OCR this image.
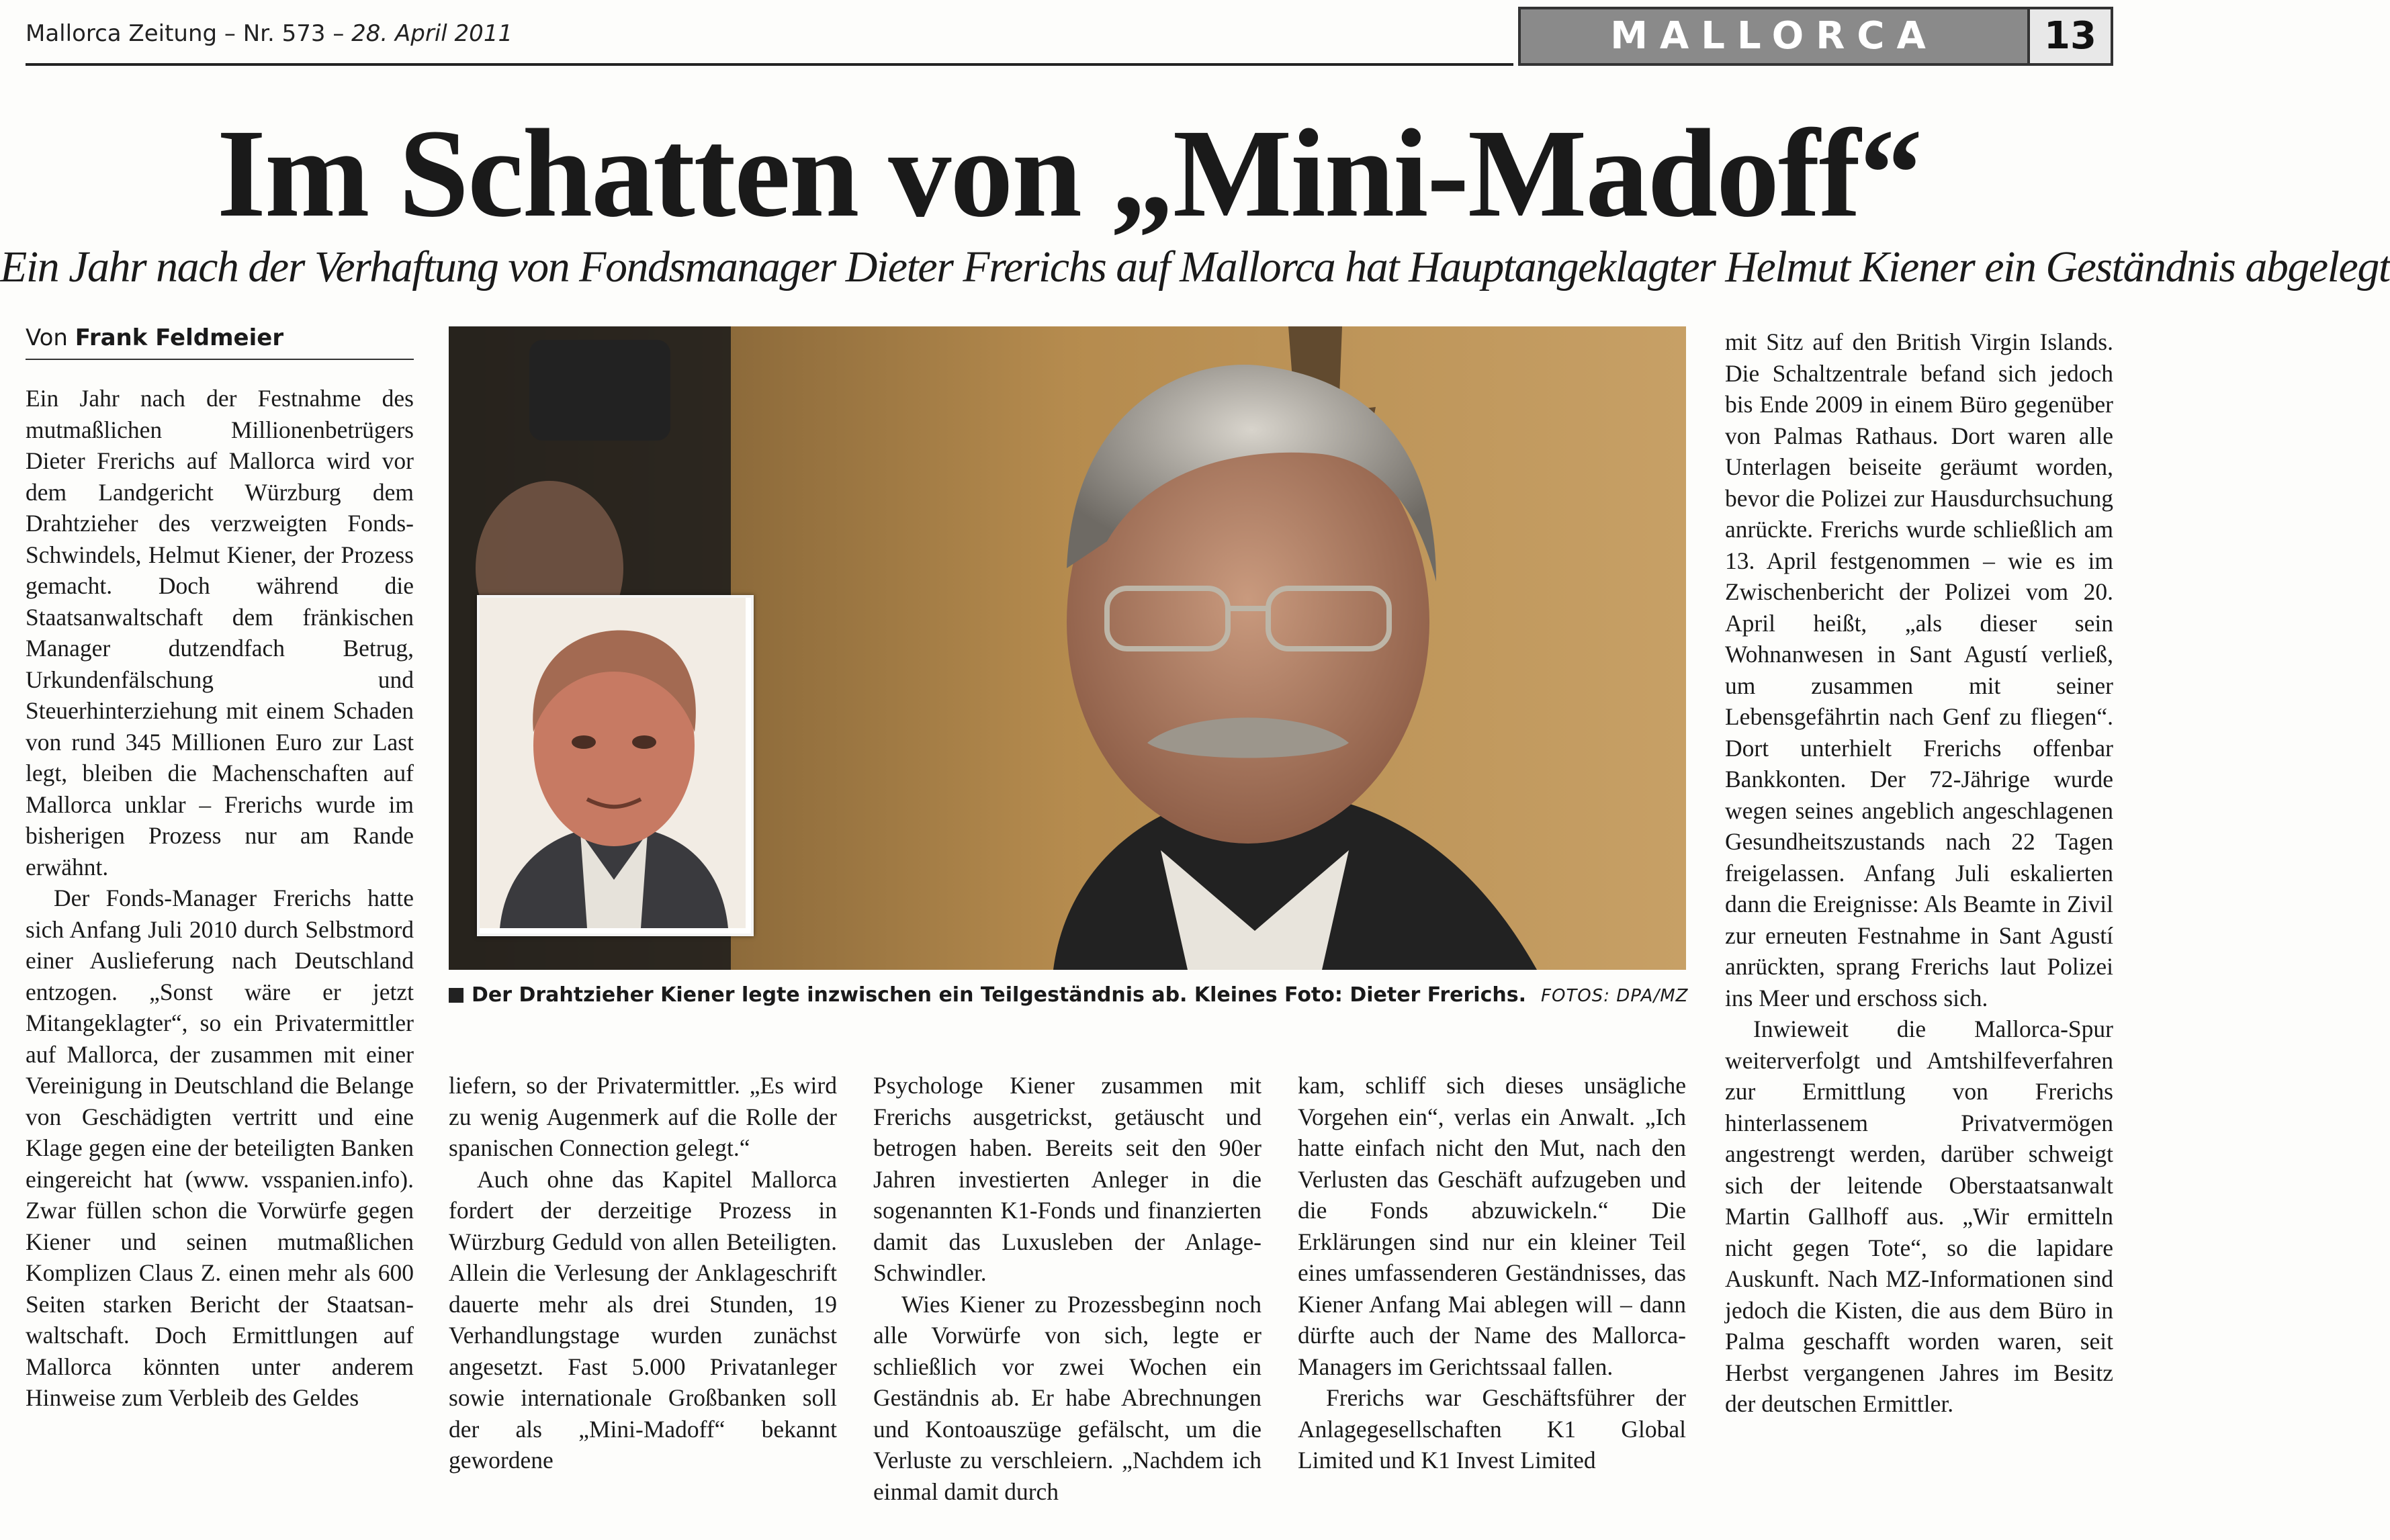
Mallorca Zeitung – Nr. 573 – 28. April 2011	MALLORCA	13
Im Schatten von „Mini-Madoff“
Ein Jahr nach der Verhaftung von Fondsmanager Dieter Frerichs auf Mallorca hat Hauptangeklagter Helmut Kiener ein Geständnis abgelegt
Von Frank Feldmeier

Ein Jahr nach der Festnahme des mutmaßlichen Millionenbetrügers Dieter Frerichs auf Mallorca wird vor dem Landgericht Würzburg dem Drahtzieher des verzweigten Fonds-Schwindels, Helmut Kiener, der Prozess gemacht. Doch während die Staatsanwaltschaft dem fränkischen Manager dutzendfach Betrug, Urkundenfälschung und Steuerhinterziehung mit einem Schaden von rund 345 Millionen Euro zur Last legt, bleiben die Machenschaften auf Mallorca unklar – Frerichs wurde im bisherigen Prozess nur am Rande erwähnt.

Der Fonds-Manager Frerichs hatte sich Anfang Juli 2010 durch Selbstmord einer Auslieferung nach Deutschland entzogen. „Sonst wäre er jetzt Mitangeklagter“, so ein Privatermittler auf Mallorca, der zusammen mit einer Vereinigung in Deutschland die Belange von Geschädigten vertritt und eine Klage gegen eine der beteiligten Banken eingereicht hat (www. vsspanien.info). Zwar füllen schon die Vorwürfe gegen Kiener und seinen mutmaßlichen Komplizen Claus Z. einen mehr als 600 Seiten starken Bericht der Staatsanwaltschaft. Doch Ermittlungen auf Mallorca könnten unter anderem Hinweise zum Verbleib des Geldes

Der Drahtzieher Kiener legte inzwischen ein Teilgeständnis ab. Kleines Foto: Dieter Frerichs. FOTOS: DPA/MZ

liefern, so der Privatermittler. „Es wird zu wenig Augenmerk auf die Rolle der spanischen Connection gelegt.“

Auch ohne das Kapitel Mallorca fordert der derzeitige Prozess in Würzburg Geduld von allen Beteiligten. Allein die Verlesung der Anklageschrift dauerte mehr als drei Stunden, 19 Verhandlungstage wurden zunächst angesetzt. Fast 5.000 Privatanleger sowie internationale Großbanken soll der als „Mini-Madoff“ bekannt gewordene

Psychologe Kiener zusammen mit Frerichs ausgetrickst, getäuscht und betrogen haben. Bereits seit den 90er Jahren investierten Anleger in die sogenannten K1-Fonds und finanzierten damit das Luxusleben der Anlage-Schwindler.

Wies Kiener zu Prozessbeginn noch alle Vorwürfe von sich, legte er schließlich vor zwei Wochen ein Geständnis ab. Er habe Abrechnungen und Kontoauszüge gefälscht, um die Verluste zu verschleiern. „Nachdem ich einmal damit durch

kam, schliff sich dieses unsägliche Vorgehen ein“, verlas ein Anwalt. „Ich hatte einfach nicht den Mut, nach den Verlusten das Geschäft aufzugeben und die Fonds abzuwickeln.“ Die Erklärungen sind nur ein kleiner Teil eines umfassenderen Geständnisses, das Kiener Anfang Mai ablegen will – dann dürfte auch der Name des Mallorca-Managers im Gerichtssaal fallen.

Frerichs war Geschäftsführer der Anlagegesellschaften K1 Global Limited und K1 Invest Limited

mit Sitz auf den British Virgin Islands. Die Schaltzentrale befand sich jedoch bis Ende 2009 in einem Büro gegenüber von Palmas Rathaus. Dort waren alle Unterlagen beiseite geräumt worden, bevor die Polizei zur Hausdurchsuchung anrückte. Frerichs wurde schließlich am 13. April festgenommen – wie es im Zwischenbericht der Polizei vom 20. April heißt, „als dieser sein Wohnanwesen in Sant Agustí verließ, um zusammen mit seiner Lebensgefährtin nach Genf zu fliegen“. Dort unterhielt Frerichs offenbar Bankkonten. Der 72-Jährige wurde wegen seines angeblich angeschlagenen Gesundheitszustands nach 22 Tagen freigelassen. Anfang Juli eskalierten dann die Ereignisse: Als Beamte in Zivil zur erneuten Festnahme in Sant Agustí anrückten, sprang Frerichs laut Polizei ins Meer und erschoss sich.

Inwieweit die Mallorca-Spur weiterverfolgt und Amtshilfeverfahren zur Ermittlung von Frerichs hinterlassenem Privatvermögen angestrengt werden, darüber schweigt sich der leitende Oberstaatsanwalt Martin Gallhoff aus. „Wir ermitteln nicht gegen Tote“, so die lapidare Auskunft. Nach MZ-Informationen sind jedoch die Kisten, die aus dem Büro in Palma geschafft worden waren, seit Herbst vergangenen Jahres im Besitz der deutschen Ermittler.
